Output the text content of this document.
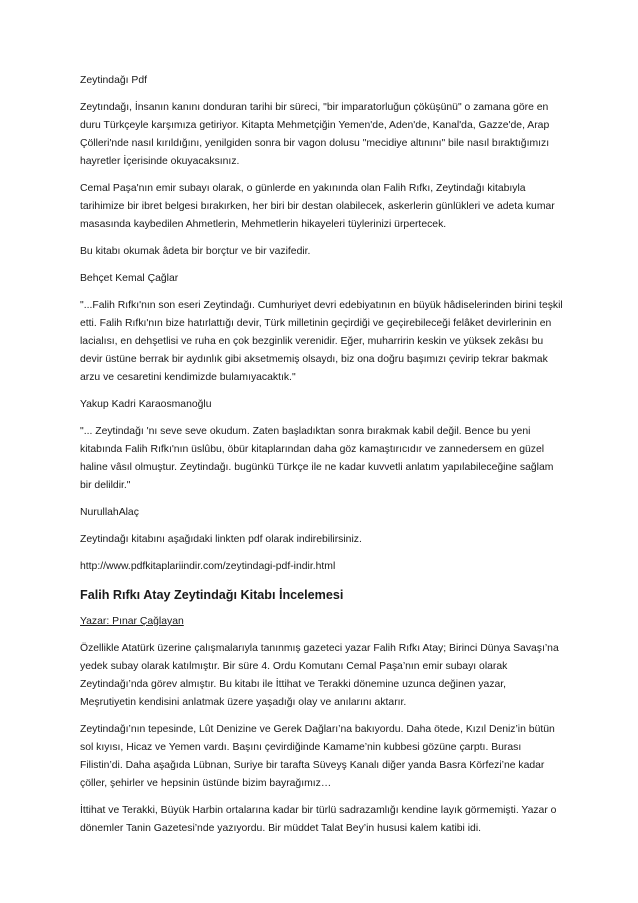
Zeytindağı Pdf

Zeytındağı, İnsanın kanını donduran tarihi bir süreci, "bir imparatorluğun çöküşünü" o zamana göre en duru Türkçeyle karşımıza getiriyor. Kitapta Mehmetçiğin Yemen'de, Aden'de, Kanal'da, Gazze'de, Arap Çölleri'nde nasıl kırıldığını, yenilgiden sonra bir vagon dolusu "mecidiye altınını" bile nasıl bıraktığımızı hayretler İçerisinde okuyacaksınız.

Cemal Paşa'nın emir subayı olarak, o günlerde en yakınında olan Falih Rıfkı, Zeytindağı kitabıyla tarihimize bir ibret belgesi bırakırken, her biri bir destan olabilecek, askerlerin günlükleri ve adeta kumar masasında kaybedilen Ahmetlerin, Mehmetlerin hikayeleri tüylerinizi ürpertecek.

Bu kitabı okumak âdeta bir borçtur ve bir vazifedir.

Behçet Kemal Çağlar

"...Falih Rıfkı'nın son eseri Zeytindağı. Cumhuriyet devri edebiyatının en büyük hâdiselerinden birini teşkil etti. Falih Rıfkı'nın bize hatırlattığı devir, Türk milletinin geçirdiği ve geçirebileceği felâket devirlerinin en lacialısı, en dehşetlisi ve ruha en çok bezginlik verenidir. Eğer, muharririn keskin ve yüksek zekâsı bu devir üstüne berrak bir aydınlık gibi aksetmemiş olsaydı, biz ona doğru başımızı çevirip tekrar bakmak arzu ve cesaretini kendimizde bulamıyacaktık."

Yakup Kadri Karaosmanoğlu

"... Zeytindağı 'nı seve seve okudum. Zaten başladıktan sonra bırakmak kabil değil. Bence bu yeni kitabında Falih Rıfkı'nın üslûbu, öbür kitaplarından daha göz kamaştırıcıdır ve zannedersem en güzel haline vâsıl olmuştur. Zeytindağı. bugünkü Türkçe ile ne kadar kuvvetli anlatım yapılabileceğine sağlam bir delildir."

NurullahAlaç

Zeytindağı kitabını aşağıdaki linkten pdf olarak indirebilirsiniz.

http://www.pdfkitaplariindir.com/zeytindagi-pdf-indir.html

Falih Rıfkı Atay Zeytindağı Kitabı İncelemesi

Yazar: Pınar Çağlayan

Özellikle Atatürk üzerine çalışmalarıyla tanınmış gazeteci yazar Falih Rıfkı Atay; Birinci Dünya Savaşı’na yedek subay olarak katılmıştır. Bir süre 4. Ordu Komutanı Cemal Paşa’nın emir subayı olarak Zeytindağı’nda görev almıştır. Bu kitabı ile İttihat ve Terakki dönemine uzunca değinen yazar, Meşrutiyetin kendisini anlatmak üzere yaşadığı olay ve anılarını aktarır.

Zeytindağı’nın tepesinde, Lût Denizine ve Gerek Dağları’na bakıyordu. Daha ötede, Kızıl Deniz’in bütün sol kıyısı, Hicaz ve Yemen vardı. Başını çevirdiğinde Kamame’nin kubbesi gözüne çarptı. Burası Filistin’di. Daha aşağıda Lübnan, Suriye bir tarafta Süveyş Kanalı diğer yanda Basra Körfezi’ne kadar çöller, şehirler ve hepsinin üstünde bizim bayrağımız…

İttihat ve Terakki, Büyük Harbin ortalarına kadar bir türlü sadrazamlığı kendine layık görmemişti. Yazar o dönemler Tanin Gazetesi’nde yazıyordu. Bir müddet Talat Bey’in hususi kalem katibi idi.
